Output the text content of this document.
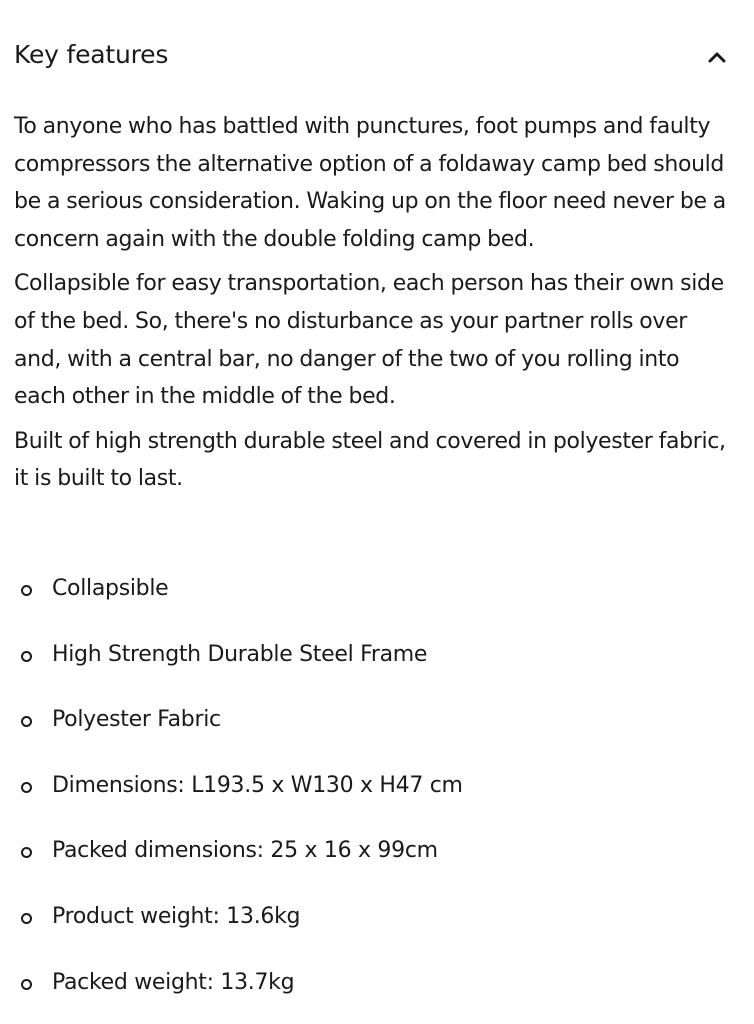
Key features

To anyone who has battled with punctures, foot pumps and faulty compressors the alternative option of a foldaway camp bed should be a serious consideration. Waking up on the floor need never be a concern again with the double folding camp bed.

Collapsible for easy transportation, each person has their own side of the bed. So, there's no disturbance as your partner rolls over and, with a central bar, no danger of the two of you rolling into each other in the middle of the bed.

Built of high strength durable steel and covered in polyester fabric, it is built to last.

Collapsible
High Strength Durable Steel Frame
Polyester Fabric
Dimensions: L193.5 x W130 x H47 cm
Packed dimensions: 25 x 16 x 99cm
Product weight: 13.6kg
Packed weight: 13.7kg
